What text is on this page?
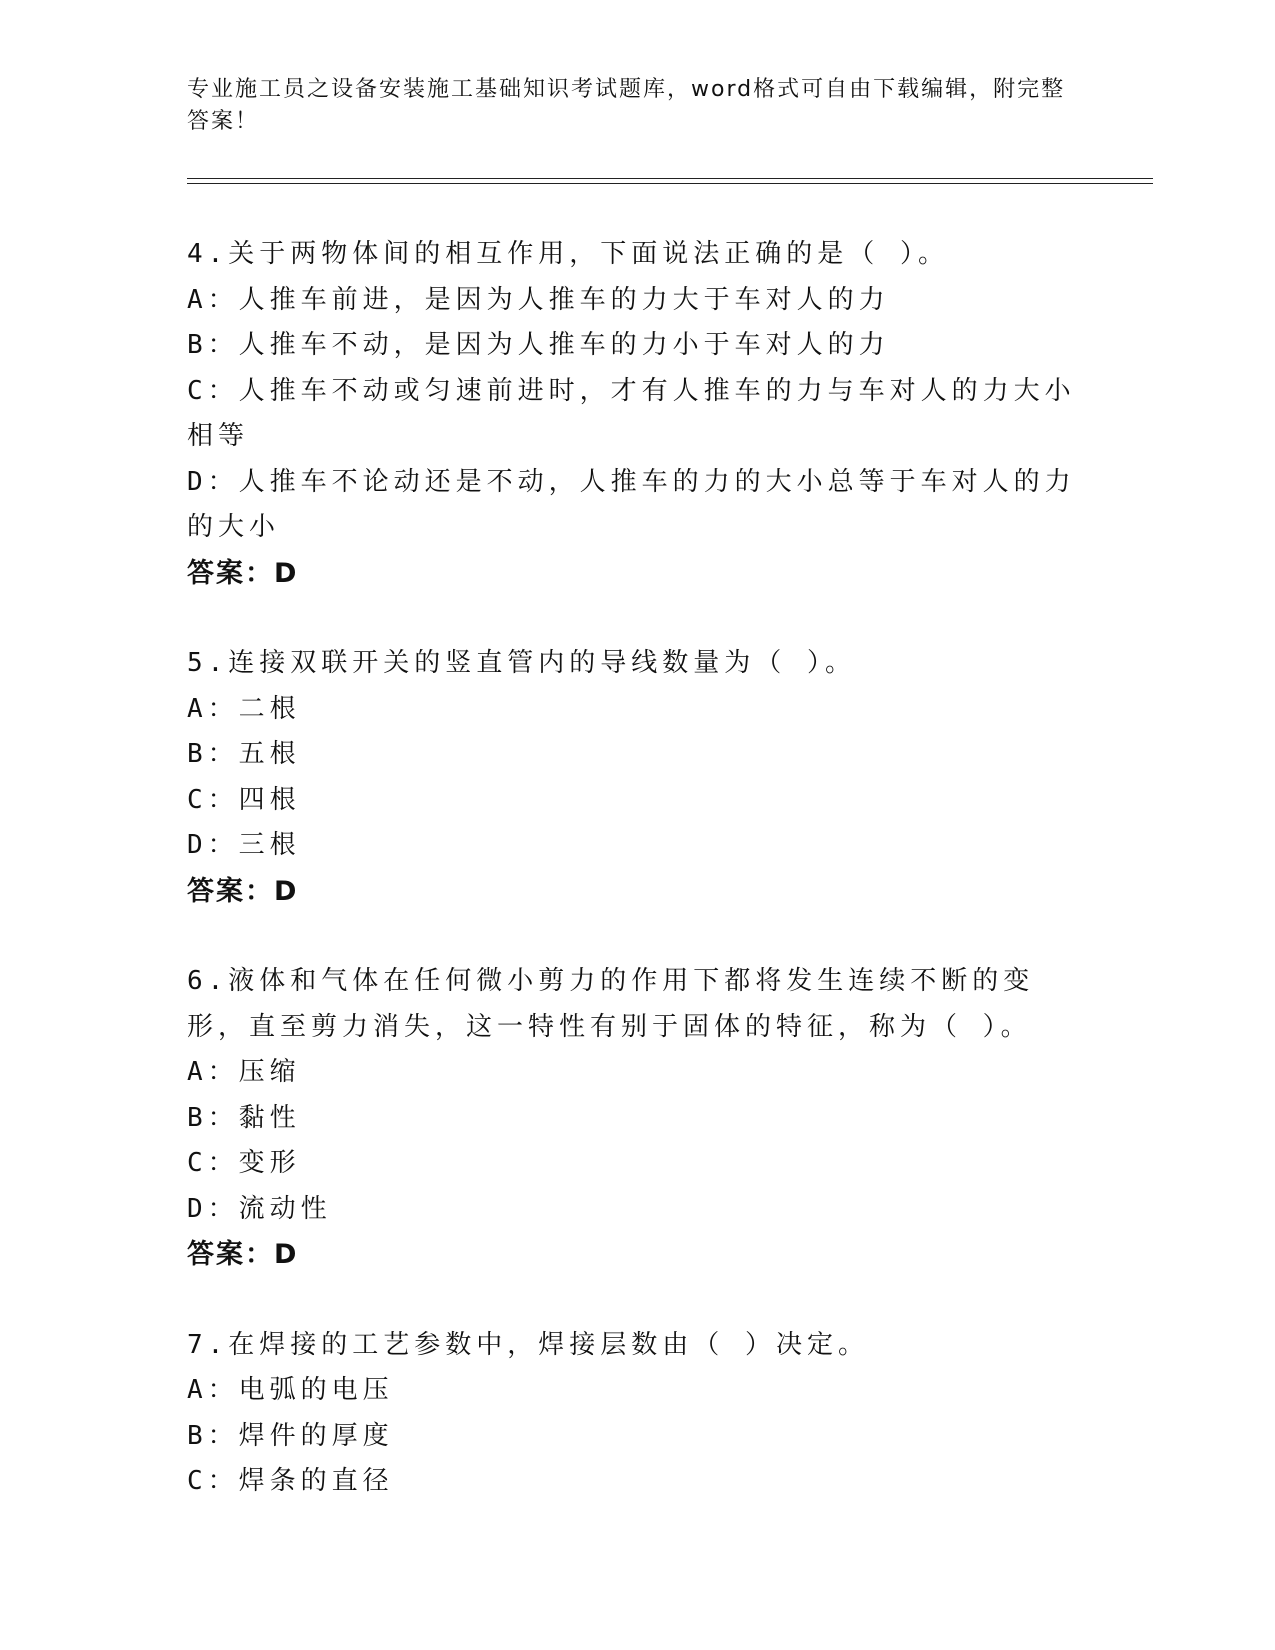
专业施工员之设备安装施工基础知识考试题库，word格式可自由下载编辑，附完整答案！
4.关于两物体间的相互作用，下面说法正确的是（ ）。
A：人推车前进，是因为人推车的力大于车对人的力
B：人推车不动，是因为人推车的力小于车对人的力
C：人推车不动或匀速前进时，才有人推车的力与车对人的力大小相等
D：人推车不论动还是不动，人推车的力的大小总等于车对人的力的大小
答案：D
5.连接双联开关的竖直管内的导线数量为（ ）。
A：二根
B：五根
C：四根
D：三根
答案：D
6.液体和气体在任何微小剪力的作用下都将发生连续不断的变形，直至剪力消失，这一特性有别于固体的特征，称为（ ）。
A：压缩
B：黏性
C：变形
D：流动性
答案：D
7.在焊接的工艺参数中，焊接层数由（ ）决定。
A：电弧的电压
B：焊件的厚度
C：焊条的直径
